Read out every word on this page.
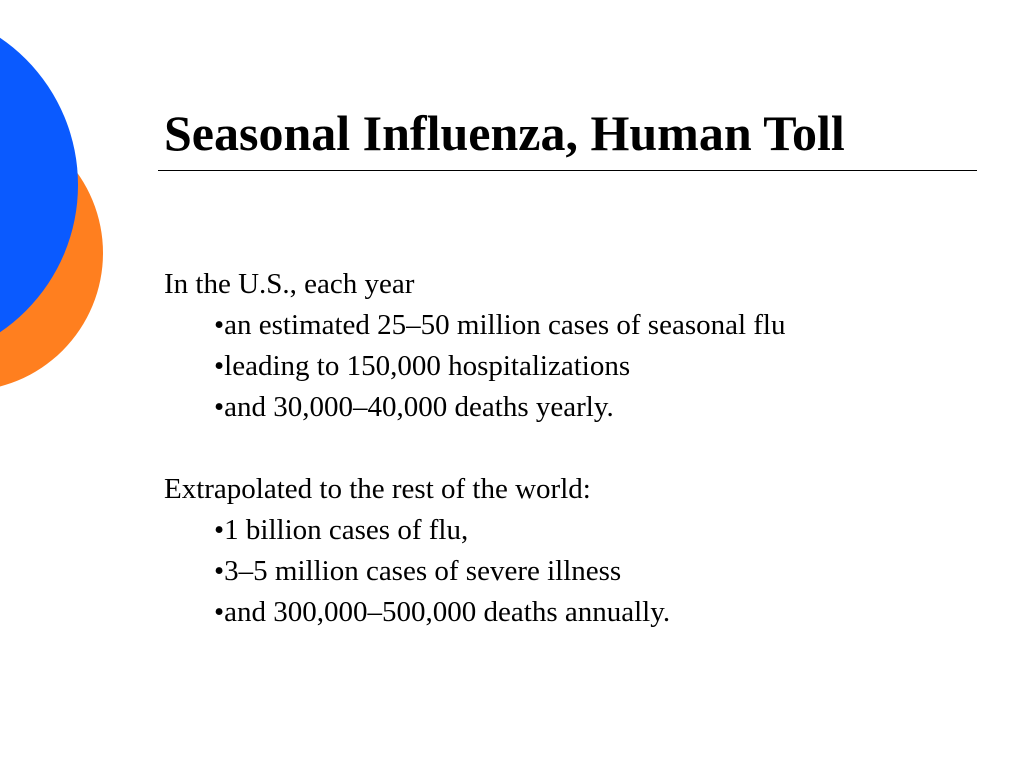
Seasonal Influenza, Human Toll

In the U.S., each year

• an estimated 25–50 million cases of seasonal flu
• leading to 150,000 hospitalizations
• and 30,000–40,000 deaths yearly.

Extrapolated to the rest of the world:

• 1 billion cases of flu,
• 3–5 million cases of severe illness
• and 300,000–500,000 deaths annually.
